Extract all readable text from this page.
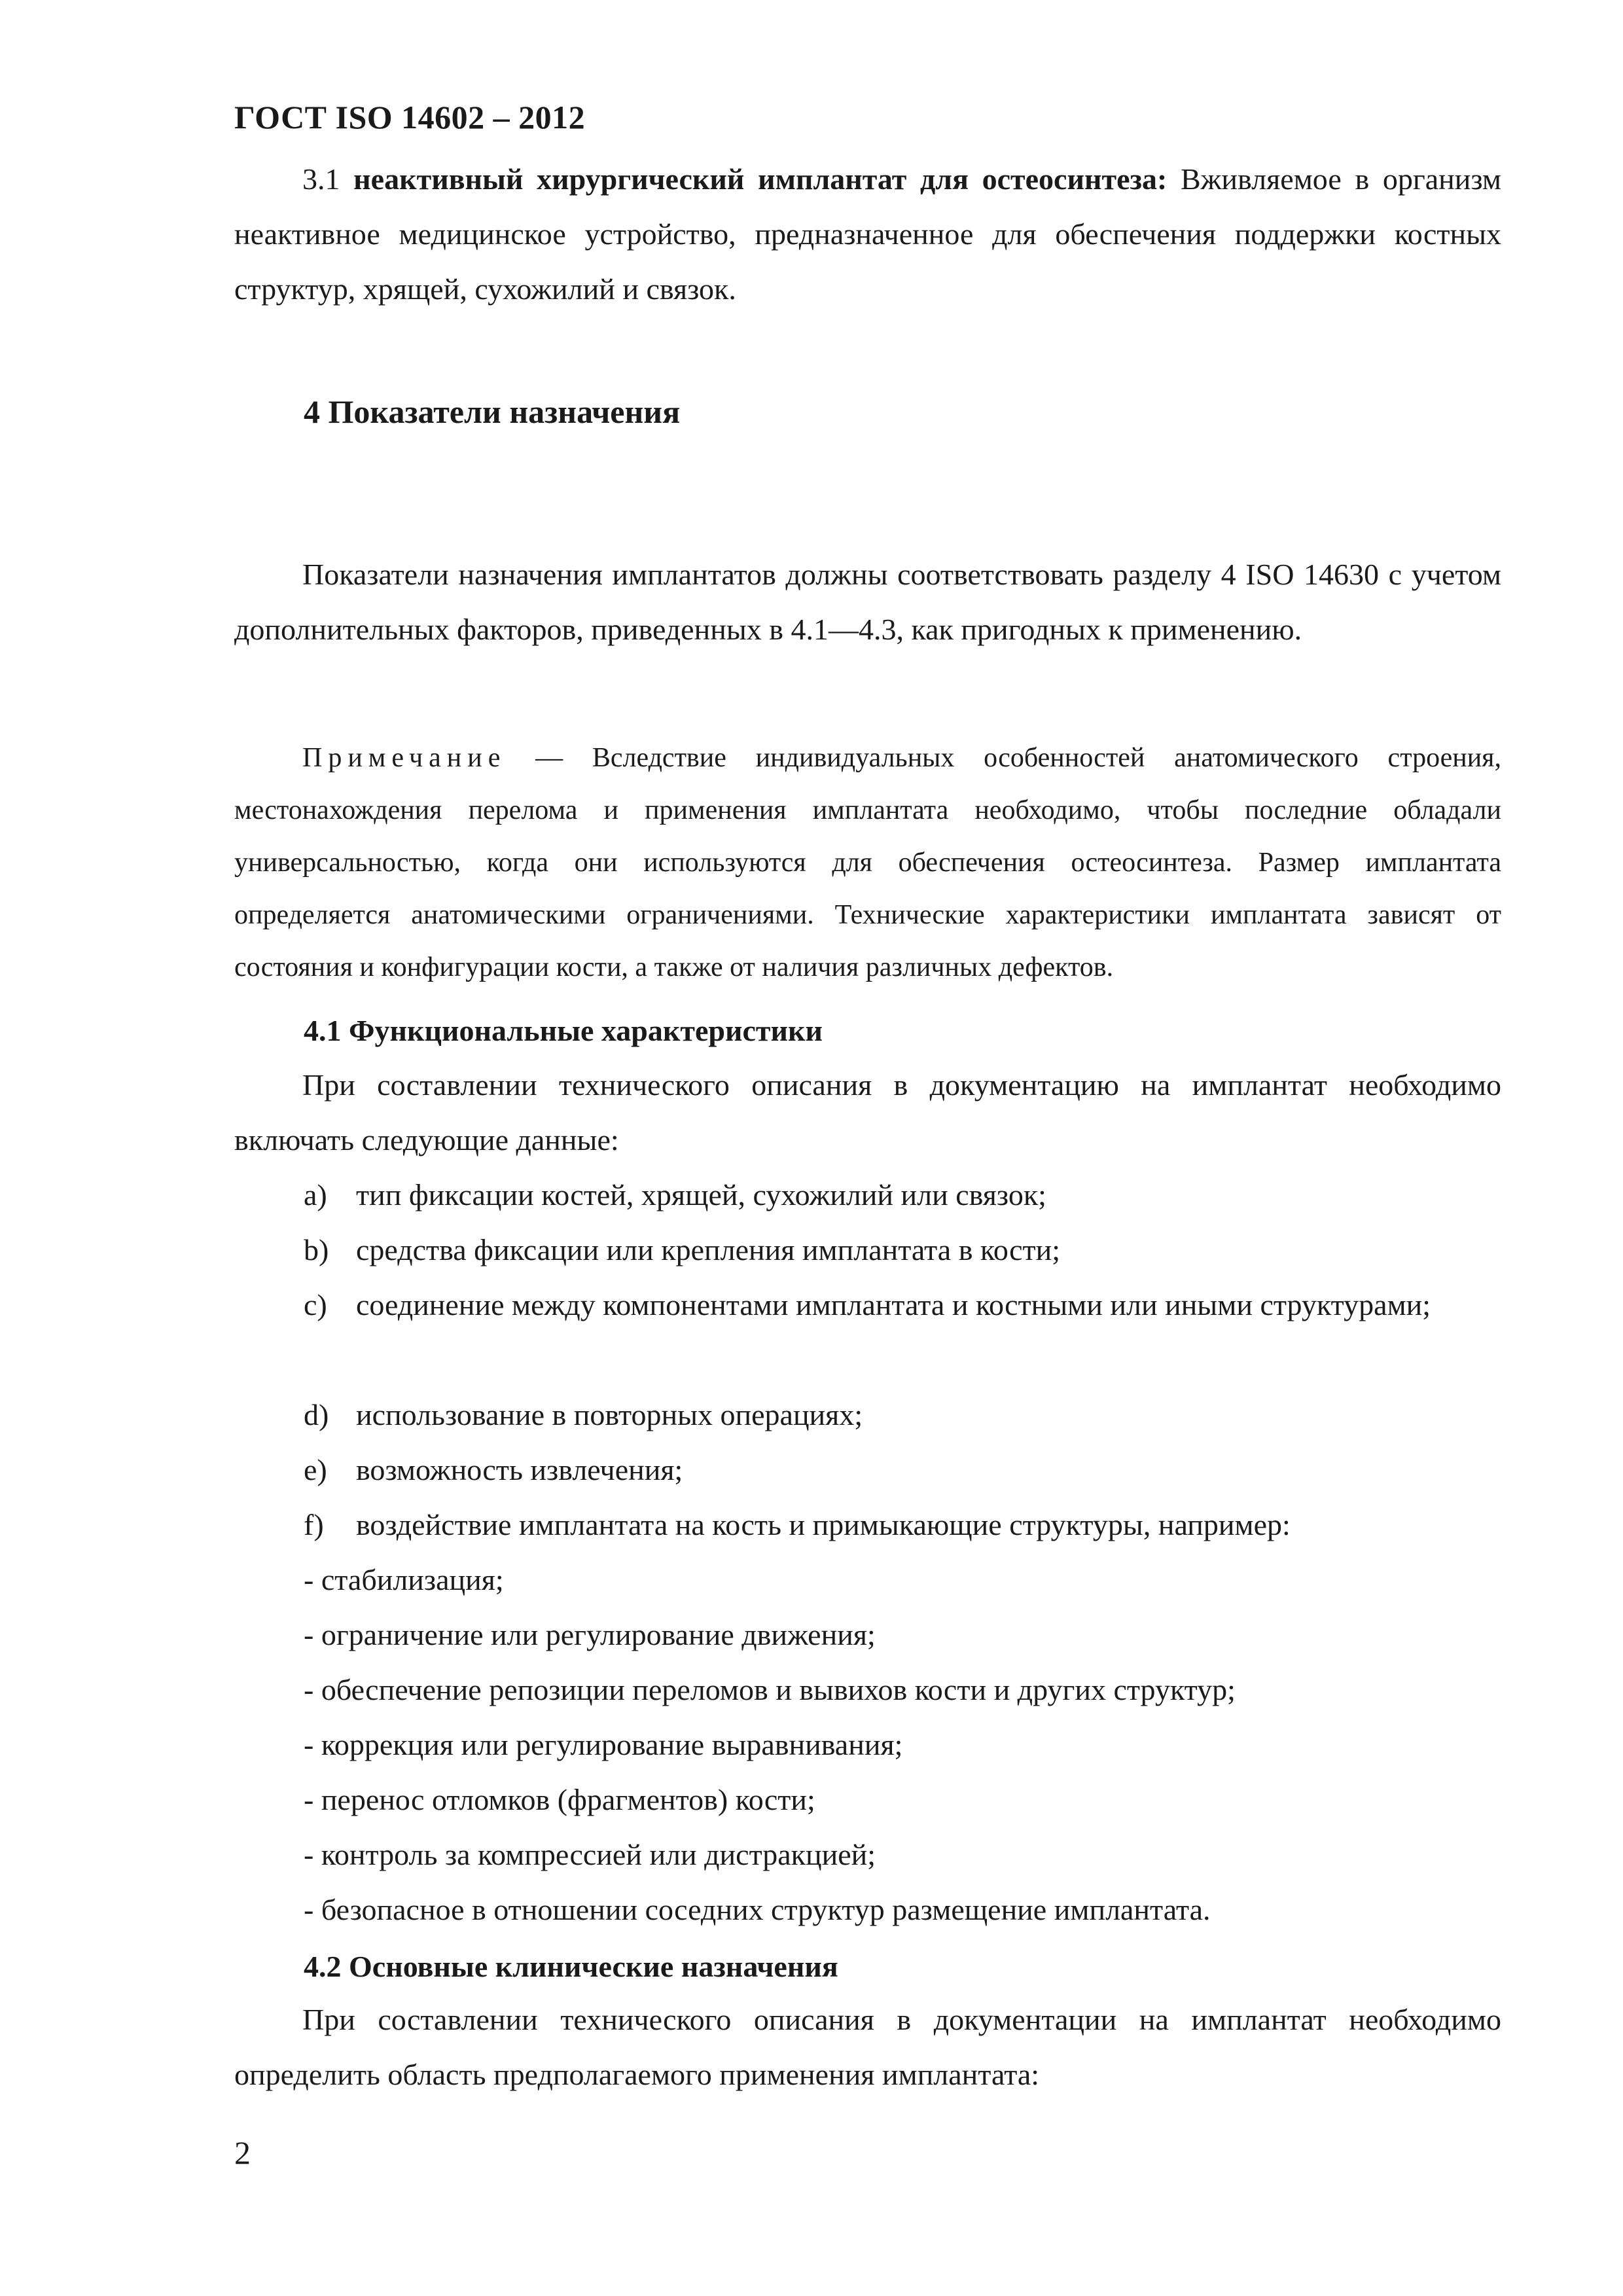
ГОСТ ISO 14602 – 2012
3.1 неактивный хирургический имплантат для остеосинтеза: Вживляемое в организм неактивное медицинское устройство, предназначенное для обеспечения поддержки костных структур, хрящей, сухожилий и связок.
4 Показатели назначения
Показатели назначения имплантатов должны соответствовать разделу 4 ISO 14630 с учетом дополнительных факторов, приведенных в 4.1—4.3, как пригодных к применению.
Примечание — Вследствие индивидуальных особенностей анатомического строения, местонахождения перелома и применения имплантата необходимо, чтобы последние обладали универсальностью, когда они используются для обеспечения остеосинтеза. Размер имплантата определяется анатомическими ограничениями. Технические характеристики имплантата зависят от состояния и конфигурации кости, а также от наличия различных дефектов.
4.1 Функциональные характеристики
При составлении технического описания в документацию на имплантат необходимо включать следующие данные:
a) тип фиксации костей, хрящей, сухожилий или связок;
b) средства фиксации или крепления имплантата в кости;
c) соединение между компонентами имплантата и костными или иными структурами;
d) использование в повторных операциях;
e) возможность извлечения;
f) воздействие имплантата на кость и примыкающие структуры, например:
- стабилизация;
- ограничение или регулирование движения;
- обеспечение репозиции переломов и вывихов кости и других структур;
- коррекция или регулирование выравнивания;
- перенос отломков (фрагментов) кости;
- контроль за компрессией или дистракцией;
- безопасное в отношении соседних структур размещение имплантата.
4.2 Основные клинические назначения
При составлении технического описания в документации на имплантат необходимо определить область предполагаемого применения имплантата:
2
